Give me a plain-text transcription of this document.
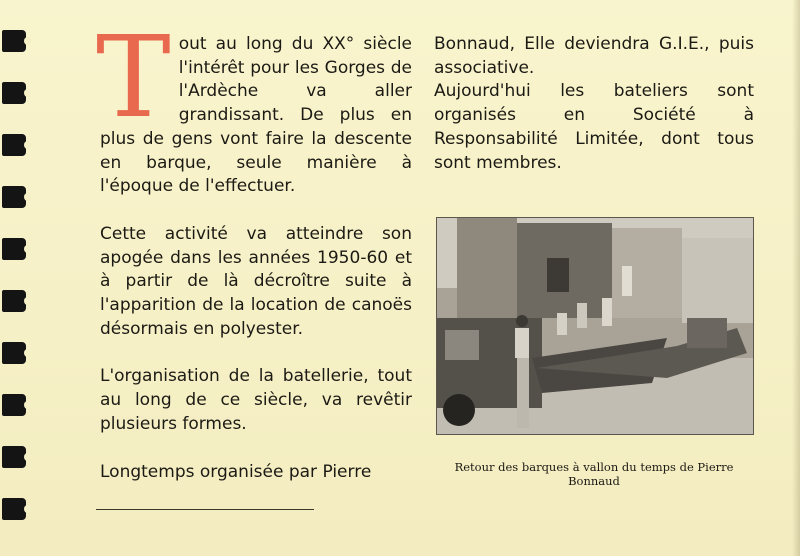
Tout au long du XX° siècle l'intérêt pour les Gorges de l'Ardèche va aller grandissant. De plus en plus de gens vont faire la descente en barque, seule manière à l'époque de l'effectuer.

Cette activité va atteindre son apogée dans les années 1950-60 et à partir de là décroître suite à l'apparition de la location de canoës désormais en polyester.

L'organisation de la batellerie, tout au long de ce siècle, va revêtir plusieurs formes.

Longtemps organisée par Pierre

Bonnaud, Elle deviendra G.I.E., puis associative.

Aujourd'hui les bateliers sont organisés en Société à Responsabilité Limitée, dont tous sont membres.

Retour des barques à vallon du temps de Pierre Bonnaud
